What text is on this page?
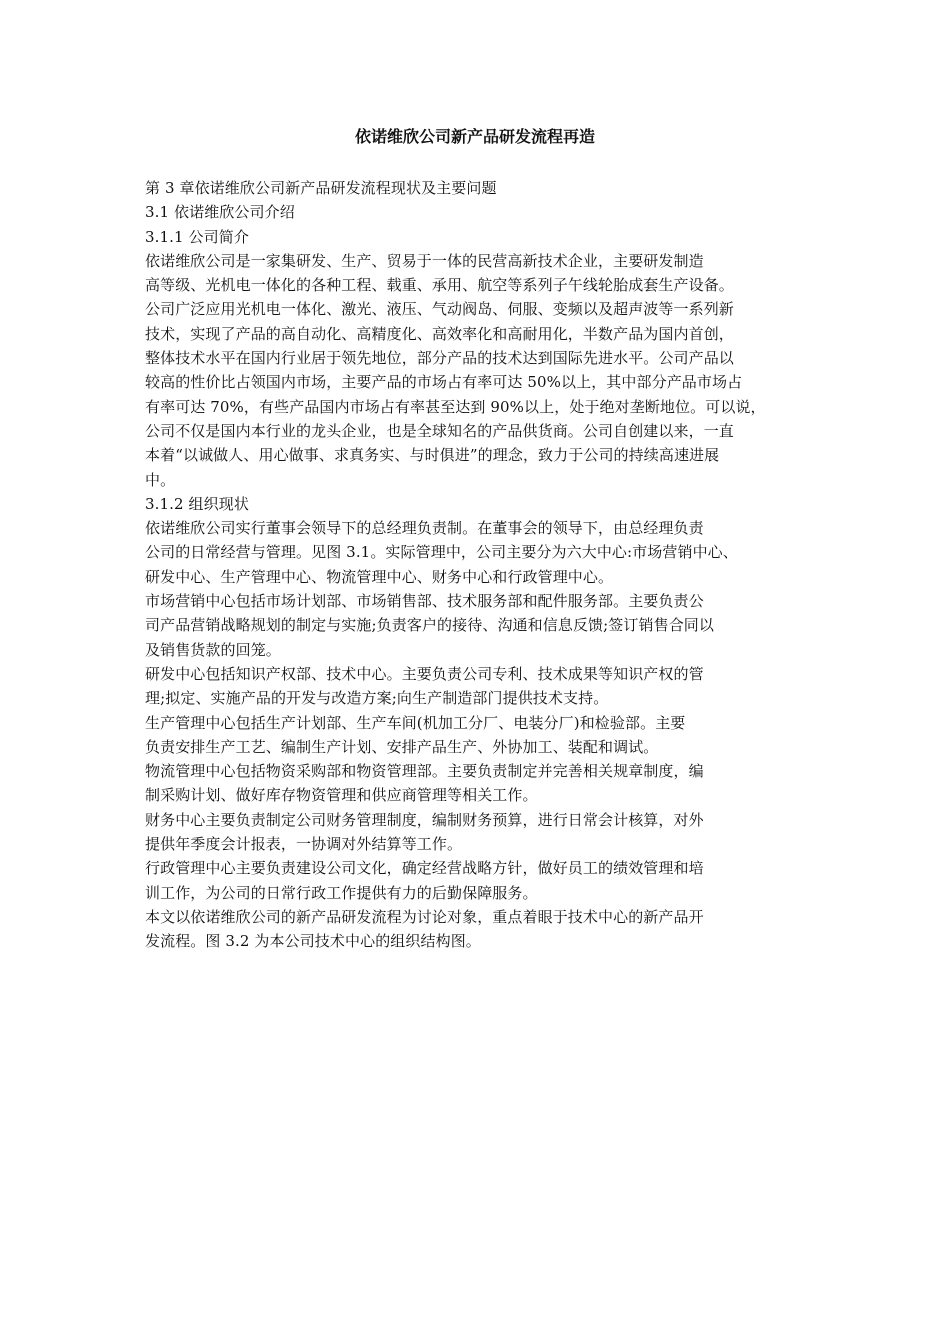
依诺维欣公司新产品研发流程再造
第 3 章依诺维欣公司新产品研发流程现状及主要问题
3.1 依诺维欣公司介绍
3.1.1 公司简介
依诺维欣公司是一家集研发、生产、贸易于一体的民营高新技术企业，主要研发制造
高等级、光机电一体化的各种工程、载重、承用、航空等系列子午线轮胎成套生产设备。
公司广泛应用光机电一体化、激光、液压、气动阀岛、伺服、变频以及超声波等一系列新
技术，实现了产品的高自动化、高精度化、高效率化和高耐用化，半数产品为国内首创，
整体技术水平在国内行业居于领先地位，部分产品的技术达到国际先进水平。公司产品以
较高的性价比占领国内市场，主要产品的市场占有率可达 50%以上，其中部分产品市场占
有率可达 70%，有些产品国内市场占有率甚至达到 90%以上，处于绝对垄断地位。可以说，
公司不仅是国内本行业的龙头企业，也是全球知名的产品供货商。公司自创建以来，一直
本着“以诚做人、用心做事、求真务实、与时俱进”的理念，致力于公司的持续高速进展
中。
3.1.2 组织现状
依诺维欣公司实行董事会领导下的总经理负责制。在董事会的领导下，由总经理负责
公司的日常经营与管理。见图 3.1。实际管理中，公司主要分为六大中心:市场营销中心、
研发中心、生产管理中心、物流管理中心、财务中心和行政管理中心。
市场营销中心包括市场计划部、市场销售部、技术服务部和配件服务部。主要负责公
司产品营销战略规划的制定与实施;负责客户的接待、沟通和信息反馈;签订销售合同以
及销售货款的回笼。
研发中心包括知识产权部、技术中心。主要负责公司专利、技术成果等知识产权的管
理;拟定、实施产品的开发与改造方案;向生产制造部门提供技术支持。
生产管理中心包括生产计划部、生产车间(机加工分厂、电装分厂)和检验部。主要
负责安排生产工艺、编制生产计划、安排产品生产、外协加工、装配和调试。
物流管理中心包括物资采购部和物资管理部。主要负责制定并完善相关规章制度，编
制采购计划、做好库存物资管理和供应商管理等相关工作。
财务中心主要负责制定公司财务管理制度，编制财务预算，进行日常会计核算，对外
提供年季度会计报表，一协调对外结算等工作。
行政管理中心主要负责建设公司文化，确定经营战略方针，做好员工的绩效管理和培
训工作，为公司的日常行政工作提供有力的后勤保障服务。
本文以依诺维欣公司的新产品研发流程为讨论对象，重点着眼于技术中心的新产品开
发流程。图 3.2 为本公司技术中心的组织结构图。
